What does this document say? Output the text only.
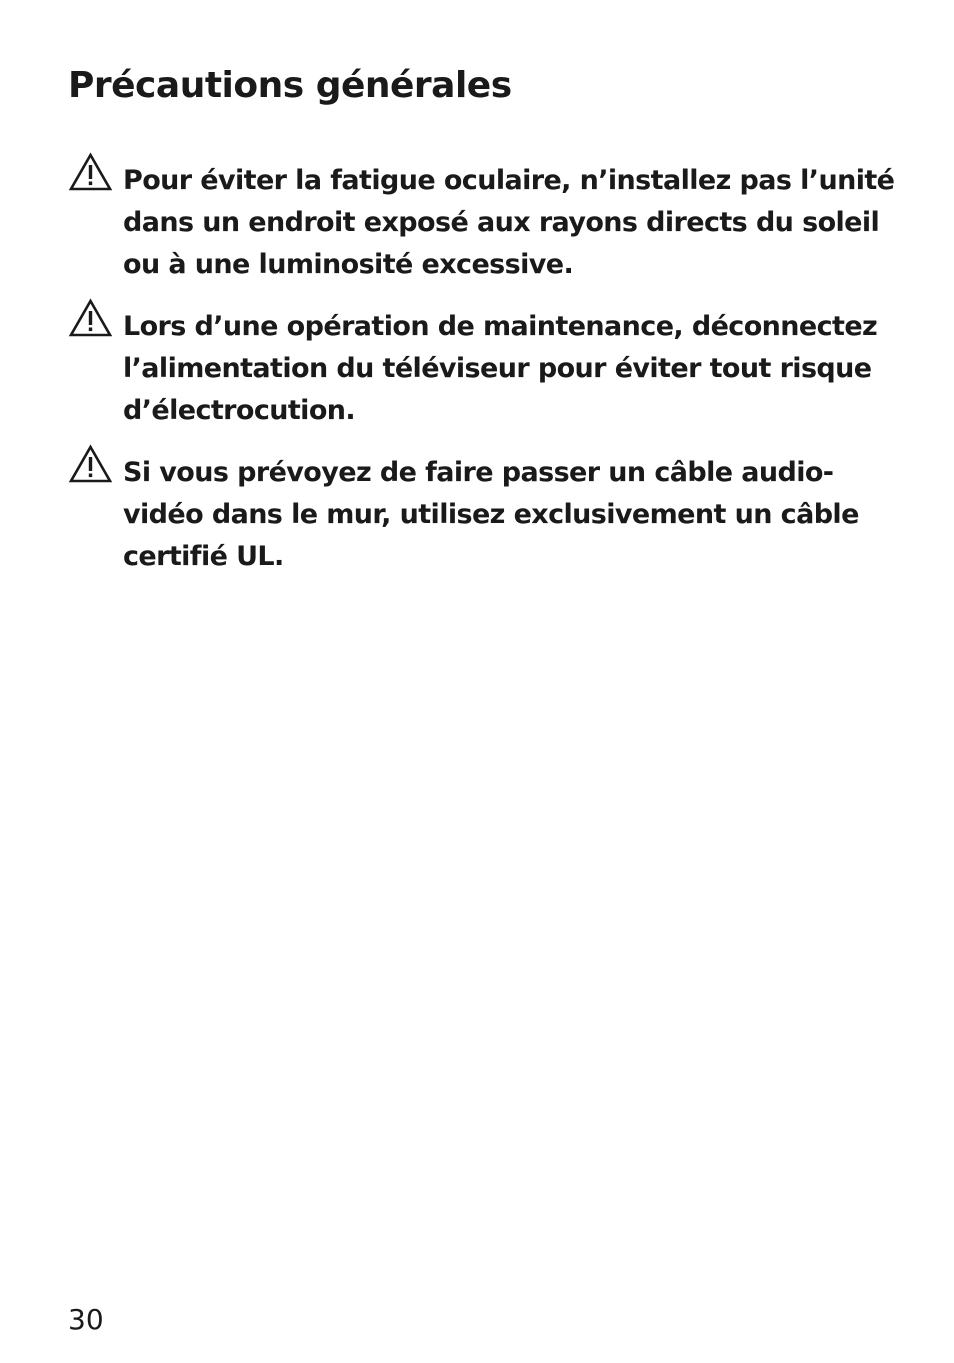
Précautions générales
Pour éviter la fatigue oculaire, n’installez pas l’unité dans un endroit exposé aux rayons directs du soleil ou à une luminosité excessive.
Lors d’une opération de maintenance, déconnectez l’alimentation du téléviseur pour éviter tout risque d’électrocution.
Si vous prévoyez de faire passer un câble audio-vidéo dans le mur, utilisez exclusivement un câble certifié UL.
30
